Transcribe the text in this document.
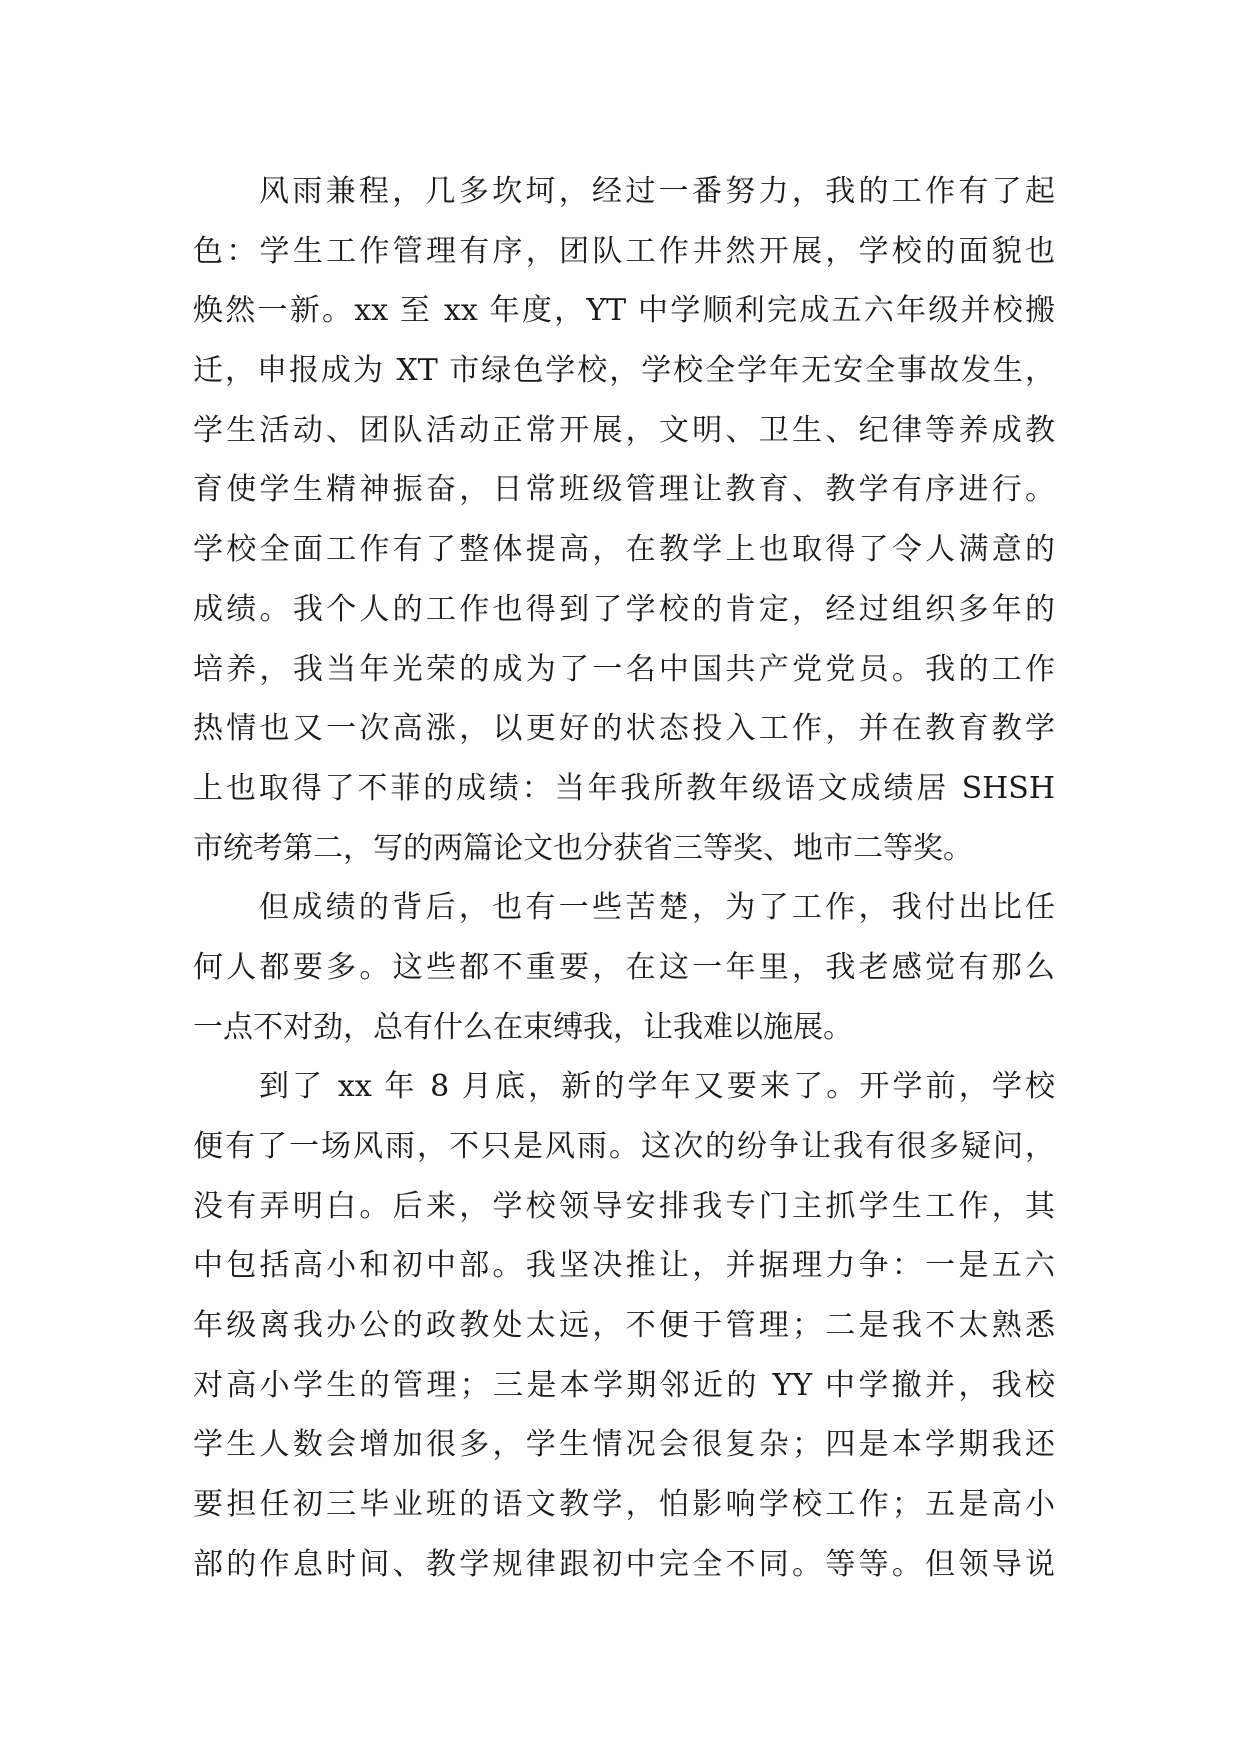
风雨兼程，几多坎坷，经过一番努力，我的工作有了起
色：学生工作管理有序，团队工作井然开展，学校的面貌也
焕然一新。xx 至 xx 年度，YT 中学顺利完成五六年级并校搬
迁，申报成为 XT 市绿色学校，学校全学年无安全事故发生，
学生活动、团队活动正常开展，文明、卫生、纪律等养成教
育使学生精神振奋，日常班级管理让教育、教学有序进行。
学校全面工作有了整体提高，在教学上也取得了令人满意的
成绩。我个人的工作也得到了学校的肯定，经过组织多年的
培养，我当年光荣的成为了一名中国共产党党员。我的工作
热情也又一次高涨，以更好的状态投入工作，并在教育教学
上也取得了不菲的成绩：当年我所教年级语文成绩居 SHSH
市统考第二，写的两篇论文也分获省三等奖、地市二等奖。
但成绩的背后，也有一些苦楚，为了工作，我付出比任
何人都要多。这些都不重要，在这一年里，我老感觉有那么
一点不对劲，总有什么在束缚我，让我难以施展。
到了 xx 年 8 月底，新的学年又要来了。开学前，学校
便有了一场风雨，不只是风雨。这次的纷争让我有很多疑问，
没有弄明白。后来，学校领导安排我专门主抓学生工作，其
中包括高小和初中部。我坚决推让，并据理力争：一是五六
年级离我办公的政教处太远，不便于管理；二是我不太熟悉
对高小学生的管理；三是本学期邻近的 YY 中学撤并，我校
学生人数会增加很多，学生情况会很复杂；四是本学期我还
要担任初三毕业班的语文教学，怕影响学校工作；五是高小
部的作息时间、教学规律跟初中完全不同。等等。但领导说
